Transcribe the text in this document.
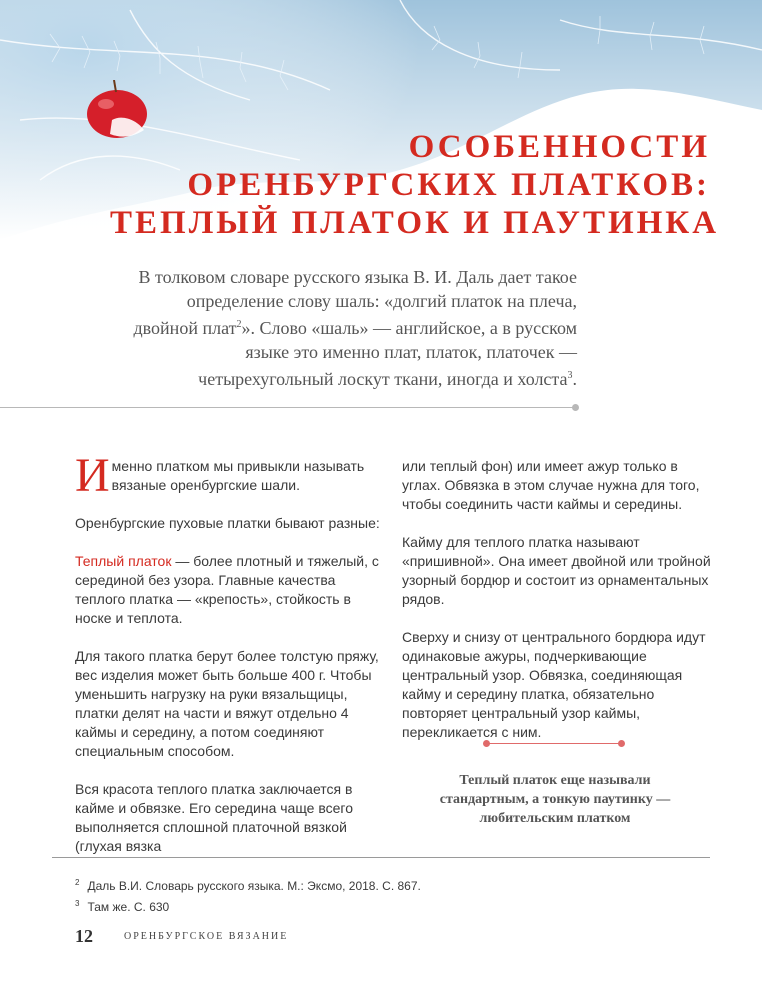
ОСОБЕННОСТИ
ОРЕНБУРГСКИХ ПЛАТКОВ:
ТЕПЛЫЙ ПЛАТОК И ПАУТИНКА
В толковом словаре русского языка В. И. Даль дает такое
определение слову шаль: «долгий платок на плеча,
двойной плат$^2$». Слово «шаль» — английское, а в русском
языке это именно плат, платок, платочек —
четырехугольный лоскут ткани, иногда и холста$^3$.

Именно платком мы привыкли называть вязаные оренбургские шали.

Оренбургские пуховые платки бывают разные:

Теплый платок — более плотный и тяжелый, с серединой без узора. Главные качества теплого платка — «крепость», стойкость в носке и теплота.

Для такого платка берут более толстую пряжу, вес изделия может быть больше 400 г. Чтобы уменьшить нагрузку на руки вязальщицы, платки делят на части и вяжут отдельно 4 каймы и середину, а потом соединяют специальным способом.

Вся красота теплого платка заключается в кайме и обвязке. Его середина чаще всего выполняется сплошной платочной вязкой (глухая вязка

или теплый фон) или имеет ажур только в углах. Обвязка в этом случае нужна для того, чтобы соединить части каймы и середины.

Кайму для теплого платка называют «пришивной». Она имеет двойной или тройной узорный бордюр и состоит из орнаментальных рядов.

Сверху и снизу от центрального бордюра идут одинаковые ажуры, подчеркивающие центральный узор. Обвязка, соединяющая кайму и середину платка, обязательно повторяет центральный узор каймы, перекликается с ним.

Теплый платок еще называли стандартным, а тонкую паутинку — любительским платком
$^2$ Даль В.И. Словарь русского языка. М.: Эксмо, 2018. С. 867.
$^3$ Там же. С. 630
12	ОРЕНБУРГСКОЕ ВЯЗАНИЕ
